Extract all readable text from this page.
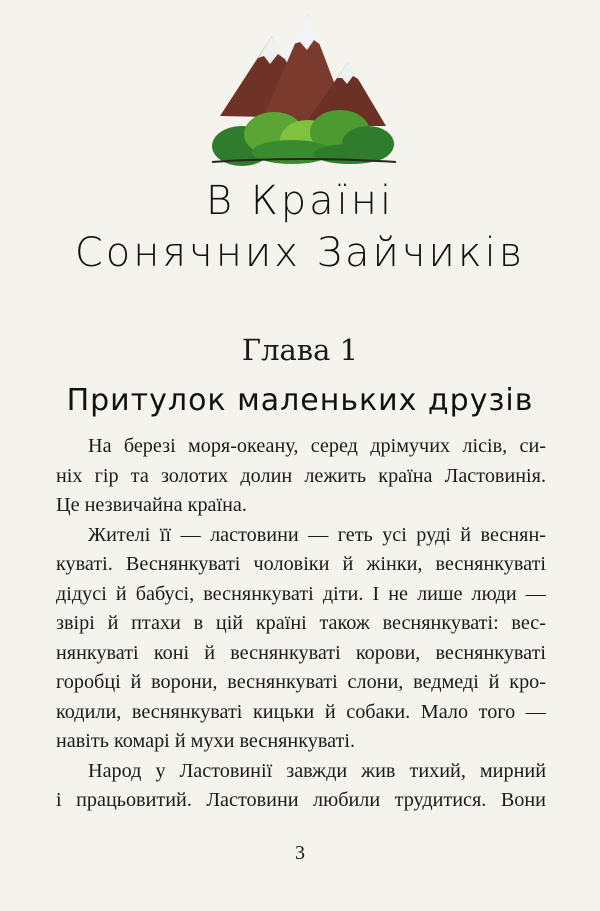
В Країні
Сонячних Зайчиків
Глава 1
Притулок маленьких друзів
На березі моря-океану, серед дрімучих лісів, си-
ніх гір та золотих долин лежить країна Ластовинія.
Це незвичайна країна.
Жителі її — ластовини — геть усі руді й веснян-
куваті. Веснянкуваті чоловіки й жінки, веснянкуваті
дідусі й бабусі, веснянкуваті діти. І не лише люди —
звірі й птахи в цій країні також веснянкуваті: вес-
нянкуваті коні й веснянкуваті корови, веснянкуваті
горобці й ворони, веснянкуваті слони, ведмеді й кро-
кодили, веснянкуваті кицьки й собаки. Мало того —
навіть комарі й мухи веснянкуваті.
Народ у Ластовинії завжди жив тихий, мирний
і працьовитий. Ластовини любили трудитися. Вони
3
